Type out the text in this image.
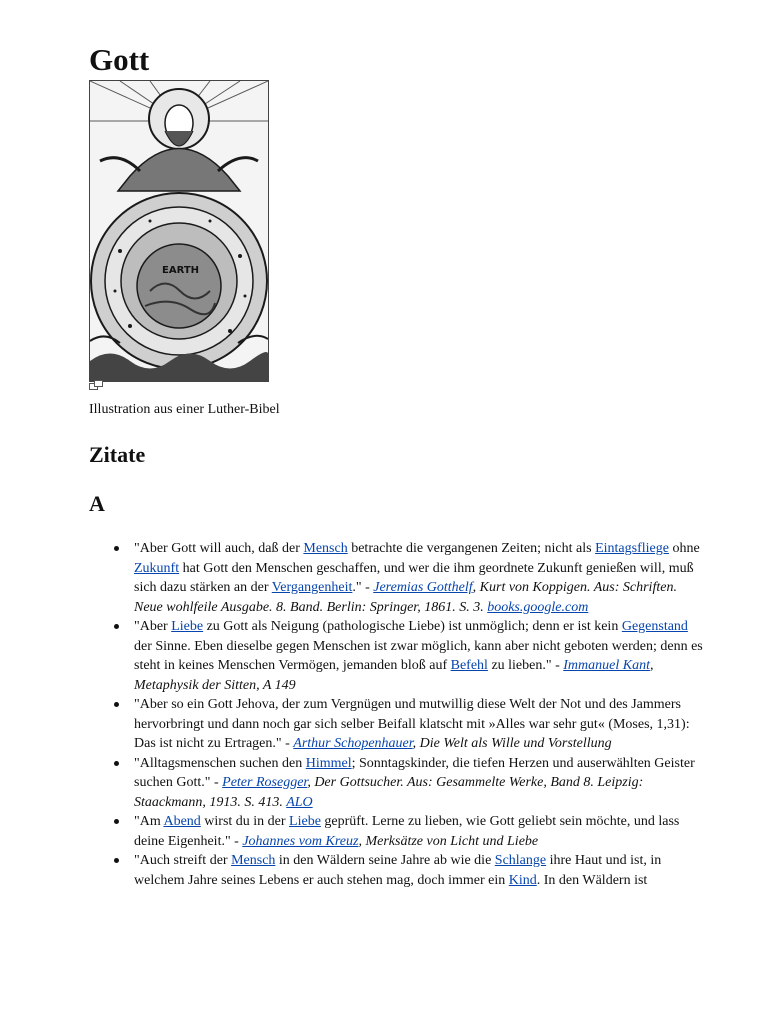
Gott
EARTH

Illustration aus einer Luther-Bibel

Zitate
A
"Aber Gott will auch, daß der Mensch betrachte die vergangenen Zeiten; nicht als Eintagsfliege ohne Zukunft hat Gott den Menschen geschaffen, und wer die ihm geordnete Zukunft genießen will, muß sich dazu stärken an der Vergangenheit." - Jeremias Gotthelf, Kurt von Koppigen. Aus: Schriften. Neue wohlfeile Ausgabe. 8. Band. Berlin: Springer, 1861. S. 3. books.google.com
"Aber Liebe zu Gott als Neigung (pathologische Liebe) ist unmöglich; denn er ist kein Gegenstand der Sinne. Eben dieselbe gegen Menschen ist zwar möglich, kann aber nicht geboten werden; denn es steht in keines Menschen Vermögen, jemanden bloß auf Befehl zu lieben." - Immanuel Kant, Metaphysik der Sitten, A 149
"Aber so ein Gott Jehova, der zum Vergnügen und mutwillig diese Welt der Not und des Jammers hervorbringt und dann noch gar sich selber Beifall klatscht mit »Alles war sehr gut« (Moses, 1,31): Das ist nicht zu Ertragen." - Arthur Schopenhauer, Die Welt als Wille und Vorstellung
"Alltagsmenschen suchen den Himmel; Sonntagskinder, die tiefen Herzen und auserwählten Geister suchen Gott." - Peter Rosegger, Der Gottsucher. Aus: Gesammelte Werke, Band 8. Leipzig: Staackmann, 1913. S. 413. ALO
"Am Abend wirst du in der Liebe geprüft. Lerne zu lieben, wie Gott geliebt sein möchte, und lass deine Eigenheit." - Johannes vom Kreuz, Merksätze von Licht und Liebe
"Auch streift der Mensch in den Wäldern seine Jahre ab wie die Schlange ihre Haut und ist, in welchem Jahre seines Lebens er auch stehen mag, doch immer ein Kind. In den Wäldern ist
